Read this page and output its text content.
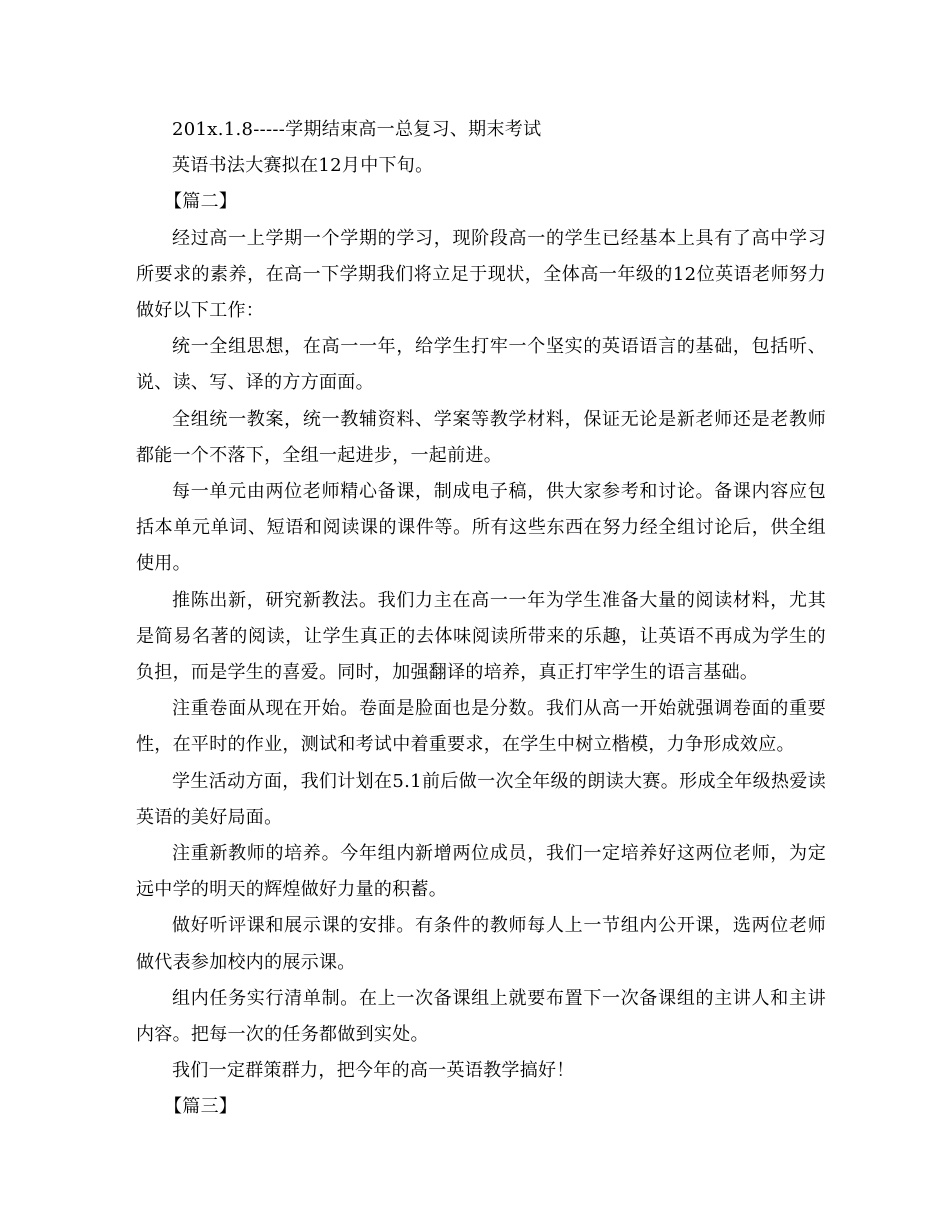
201x.1.8-----学期结束高一总复习、期末考试

英语书法大赛拟在12月中下旬。

【篇二】

经过高一上学期一个学期的学习，现阶段高一的学生已经基本上具有了高中学习所要求的素养，在高一下学期我们将立足于现状，全体高一年级的12位英语老师努力做好以下工作：

统一全组思想，在高一一年，给学生打牢一个坚实的英语语言的基础，包括听、说、读、写、译的方方面面。

全组统一教案，统一教辅资料、学案等教学材料，保证无论是新老师还是老教师都能一个不落下，全组一起进步，一起前进。

每一单元由两位老师精心备课，制成电子稿，供大家参考和讨论。备课内容应包括本单元单词、短语和阅读课的课件等。所有这些东西在努力经全组讨论后，供全组使用。

推陈出新，研究新教法。我们力主在高一一年为学生准备大量的阅读材料，尤其是简易名著的阅读，让学生真正的去体味阅读所带来的乐趣，让英语不再成为学生的负担，而是学生的喜爱。同时，加强翻译的培养，真正打牢学生的语言基础。

注重卷面从现在开始。卷面是脸面也是分数。我们从高一开始就强调卷面的重要性，在平时的作业，测试和考试中着重要求，在学生中树立楷模，力争形成效应。

学生活动方面，我们计划在5.1前后做一次全年级的朗读大赛。形成全年级热爱读英语的美好局面。

注重新教师的培养。今年组内新增两位成员，我们一定培养好这两位老师，为定远中学的明天的辉煌做好力量的积蓄。

做好听评课和展示课的安排。有条件的教师每人上一节组内公开课，选两位老师做代表参加校内的展示课。

组内任务实行清单制。在上一次备课组上就要布置下一次备课组的主讲人和主讲内容。把每一次的任务都做到实处。

我们一定群策群力，把今年的高一英语教学搞好！

【篇三】
